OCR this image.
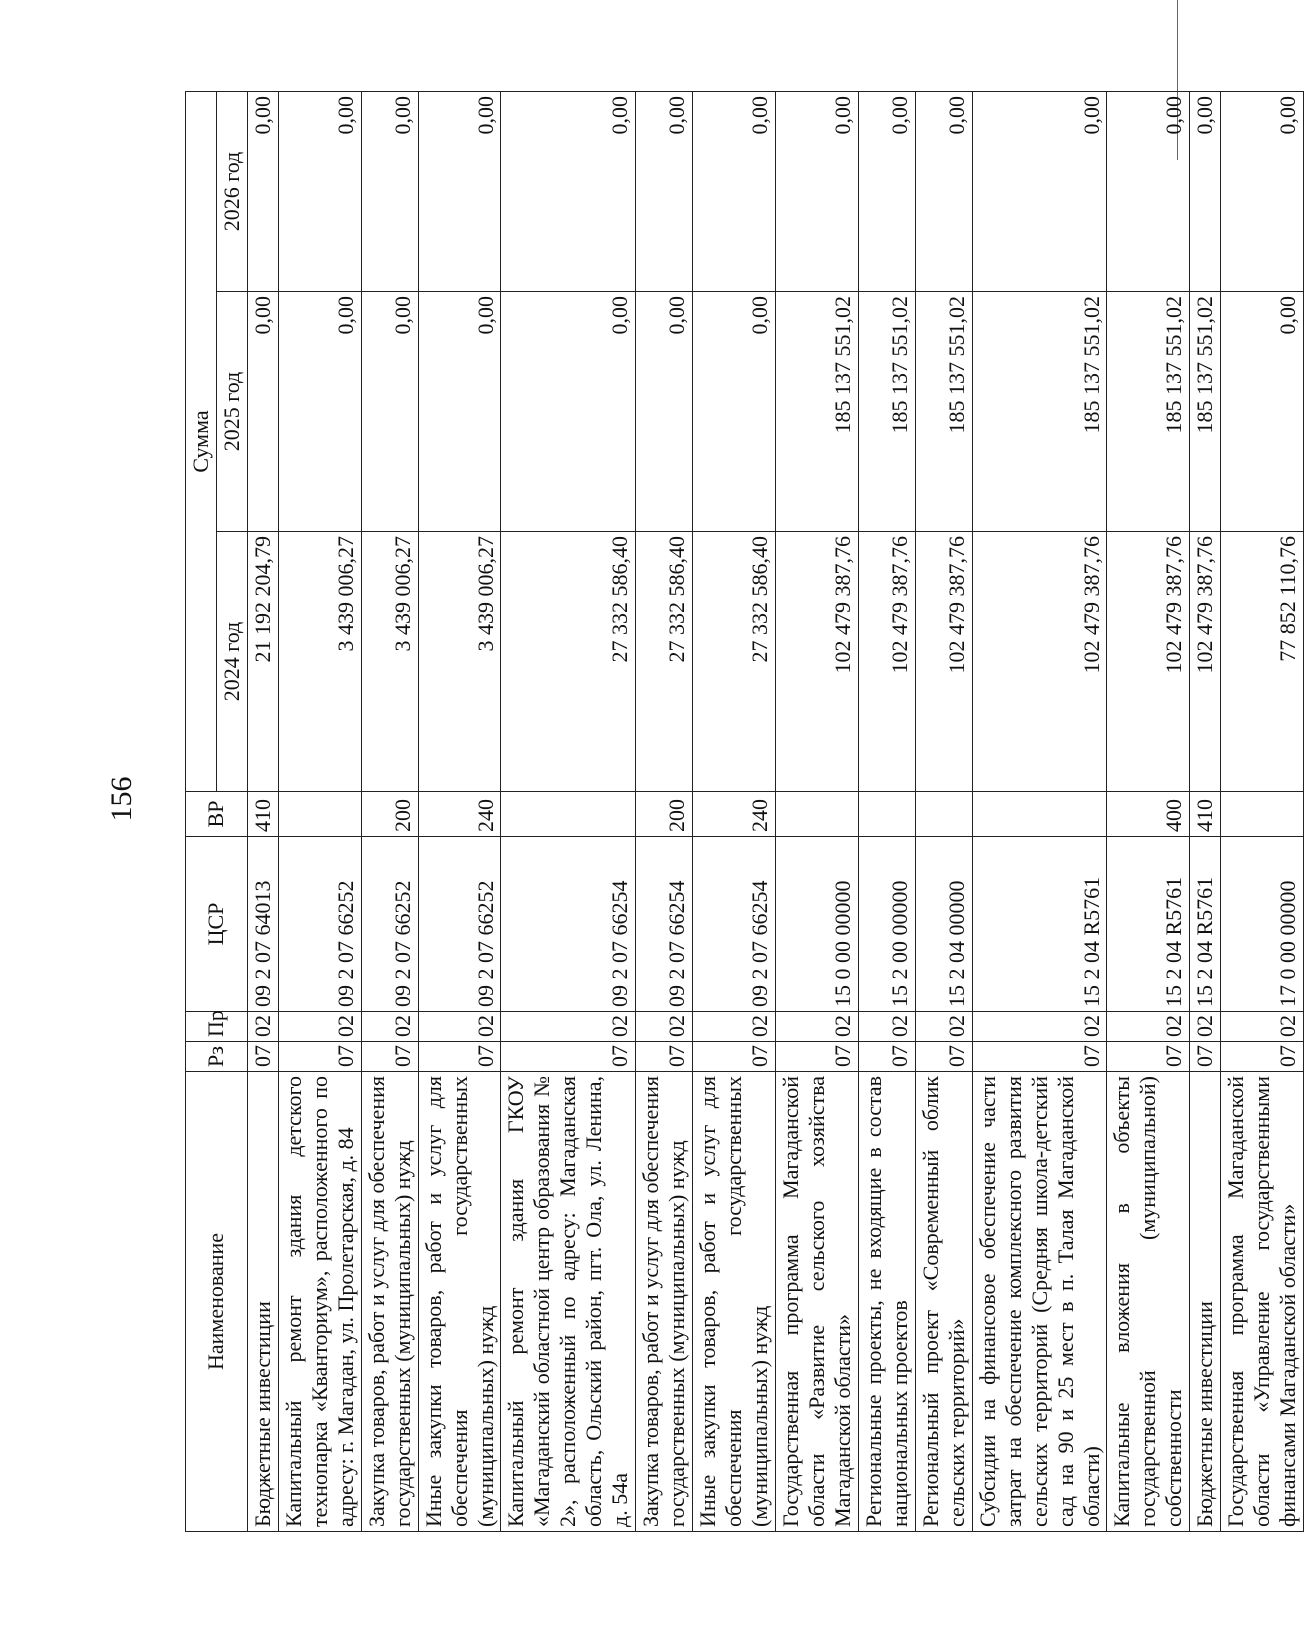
156
Наименование	Рз	Пр	ЦСР	ВР	Сумма		
					2024 год	2025 год	2026 год
Бюджетные инвестиции	07	02	09 2 07 64013	410	21 192 204,79	0,00	0,00
Капитальный ремонт здания детского технопарка «Кванториум», расположенного по адресу: г. Магадан, ул. Пролетарская, д. 84	07	02	09 2 07 66252		3 439 006,27	0,00	0,00
Закупка товаров, работ и услуг для обеспечения государственных (муниципальных) нужд	07	02	09 2 07 66252	200	3 439 006,27	0,00	0,00
Иные закупки товаров, работ и услуг для обеспечения государственных (муниципальных) нужд	07	02	09 2 07 66252	240	3 439 006,27	0,00	0,00
Капитальный ремонт здания ГКОУ «Магаданский областной центр образования № 2», расположенный по адресу: Магаданская область, Ольский район, пгт. Ола, ул. Ленина, д. 54а	07	02	09 2 07 66254		27 332 586,40	0,00	0,00
Закупка товаров, работ и услуг для обеспечения государственных (муниципальных) нужд	07	02	09 2 07 66254	200	27 332 586,40	0,00	0,00
Иные закупки товаров, работ и услуг для обеспечения государственных (муниципальных) нужд	07	02	09 2 07 66254	240	27 332 586,40	0,00	0,00
Государственная программа Магаданской области «Развитие сельского хозяйства Магаданской области»	07	02	15 0 00 00000		102 479 387,76	185 137 551,02	0,00
Региональные проекты, не входящие в состав национальных проектов	07	02	15 2 00 00000		102 479 387,76	185 137 551,02	0,00
Региональный проект «Современный облик сельских территорий»	07	02	15 2 04 00000		102 479 387,76	185 137 551,02	0,00
Субсидии на финансовое обеспечение части затрат на обеспечение комплексного развития сельских территорий (Средняя школа-детский сад на 90 и 25 мест в п. Талая Магаданской области)	07	02	15 2 04 R5761		102 479 387,76	185 137 551,02	0,00
Капитальные вложения в объекты государственной (муниципальной) собственности	07	02	15 2 04 R5761	400	102 479 387,76	185 137 551,02	0,00
Бюджетные инвестиции	07	02	15 2 04 R5761	410	102 479 387,76	185 137 551,02	0,00
Государственная программа Магаданской области «Управление государственными финансами Магаданской области»	07	02	17 0 00 00000		77 852 110,76	0,00	0,00
